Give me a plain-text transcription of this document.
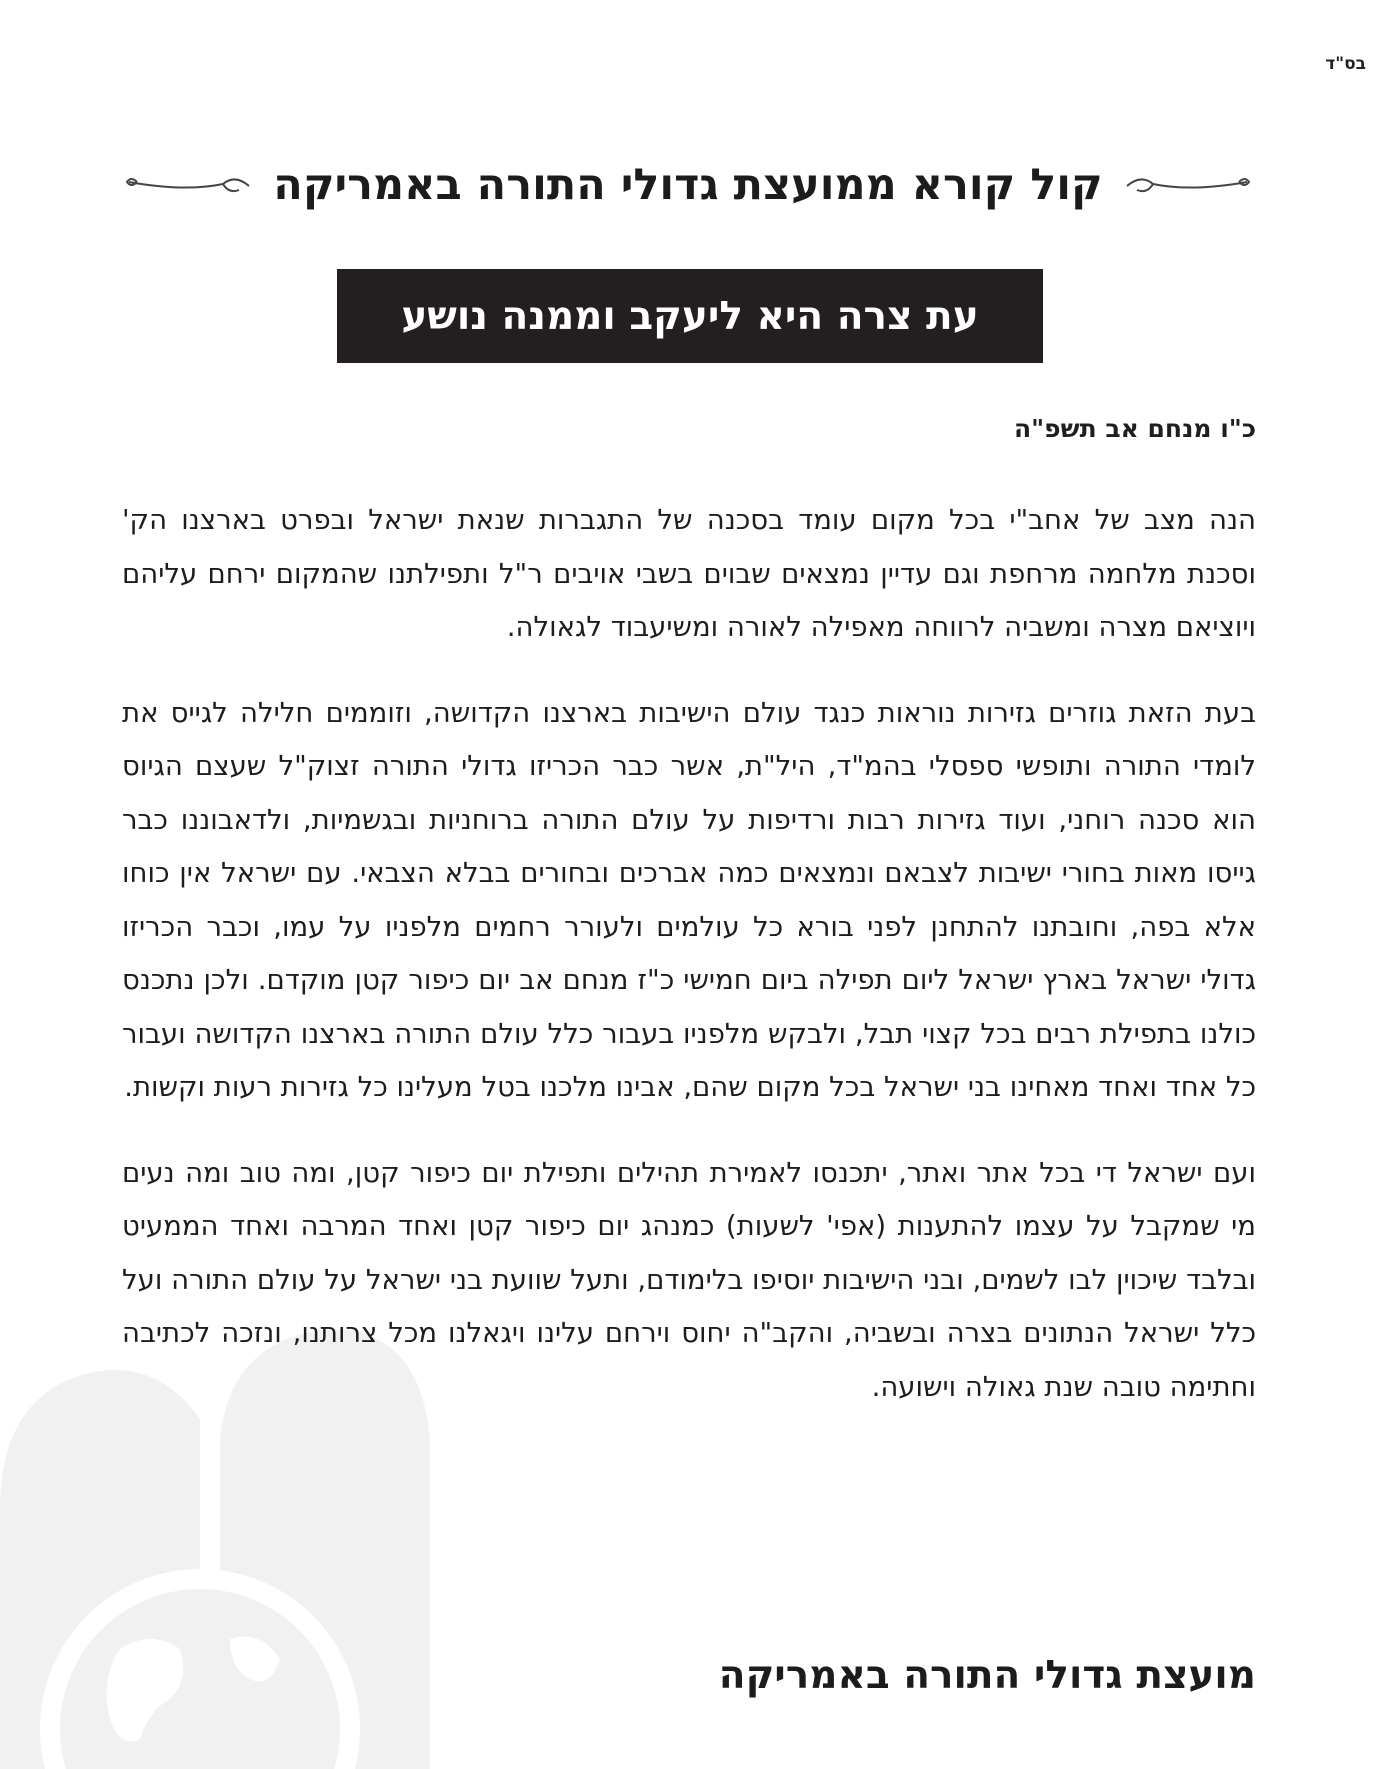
בס"ד
קול קורא ממועצת גדולי התורה באמריקה
עת צרה היא ליעקב וממנה נושע
כ"ו מנחם אב תשפ"ה

הנה מצב של אחב"י בכל מקום עומד בסכנה של התגברות שנאת ישראל ובפרט בארצנו הק' וסכנת מלחמה מרחפת וגם עדיין נמצאים שבוים בשבי אויבים ר"ל ותפילתנו שהמקום ירחם עליהם ויוציאם מצרה ומשביה לרווחה מאפילה לאורה ומשיעבוד לגאולה.

בעת הזאת גוזרים גזירות נוראות כנגד עולם הישיבות בארצנו הקדושה, וזוממים חלילה לגייס את לומדי התורה ותופשי ספסלי בהמ"ד, היל"ת, אשר כבר הכריזו גדולי התורה זצוק"ל שעצם הגיוס הוא סכנה רוחני, ועוד גזירות רבות ורדיפות על עולם התורה ברוחניות ובגשמיות, ולדאבוננו כבר גייסו מאות בחורי ישיבות לצבאם ונמצאים כמה אברכים ובחורים בבלא הצבאי. עם ישראל אין כוחו אלא בפה, וחובתנו להתחנן לפני בורא כל עולמים ולעורר רחמים מלפניו על עמו, וכבר הכריזו גדולי ישראל בארץ ישראל ליום תפילה ביום חמישי כ"ז מנחם אב יום כיפור קטן מוקדם. ולכן נתכנס כולנו בתפילת רבים בכל קצוי תבל, ולבקש מלפניו בעבור כלל עולם התורה בארצנו הקדושה ועבור כל אחד ואחד מאחינו בני ישראל בכל מקום שהם, אבינו מלכנו בטל מעלינו כל גזירות רעות וקשות.

ועם ישראל די בכל אתר ואתר, יתכנסו לאמירת תהילים ותפילת יום כיפור קטן, ומה טוב ומה נעים מי שמקבל על עצמו להתענות (אפי' לשעות) כמנהג יום כיפור קטן ואחד המרבה ואחד הממעיט ובלבד שיכוין לבו לשמים, ובני הישיבות יוסיפו בלימודם, ותעל שוועת בני ישראל על עולם התורה ועל כלל ישראל הנתונים בצרה ובשביה, והקב"ה יחוס וירחם עלינו ויגאלנו מכל צרותנו, ונזכה לכתיבה וחתימה טובה שנת גאולה וישועה.

מועצת גדולי התורה באמריקה
